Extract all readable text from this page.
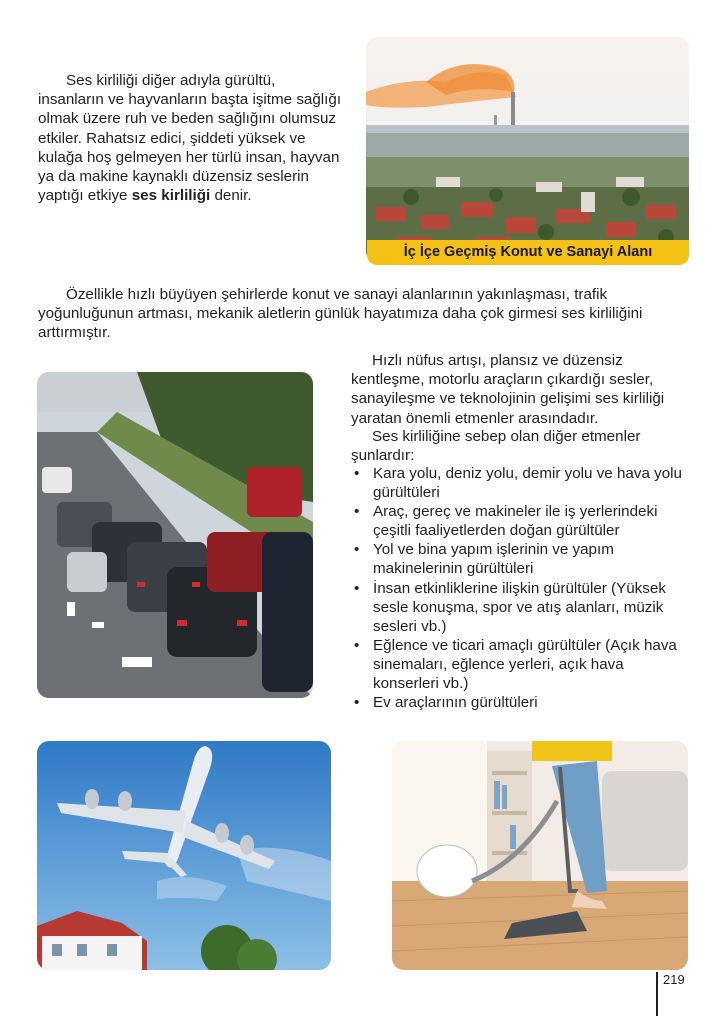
Ses kirliliği diğer adıyla gürültü, insanların ve hayvanların başta işitme sağlığı olmak üzere ruh ve beden sağlığını olumsuz etkiler. Rahatsız edici, şiddeti yüksek ve kulağa hoş gelmeyen her türlü insan, hayvan ya da makine kaynaklı düzensiz seslerin yaptığı etkiye ses kirliliği denir.

İç İçe Geçmiş Konut ve Sanayi Alanı

Özellikle hızlı büyüyen şehirlerde konut ve sanayi alanlarının yakınlaşması, trafik yoğunluğunun artması, mekanik aletlerin günlük hayatımıza daha çok girmesi ses kirliliğini arttırmıştır.

Hızlı nüfus artışı, plansız ve düzensiz kentleşme, motorlu araçların çıkardığı sesler, sanayileşme ve teknolojinin gelişimi ses kirliliği yaratan önemli etmenler arasındadır.

Ses kirliliğine sebep olan diğer etmenler şunlardır:

• Kara yolu, deniz yolu, demir yolu ve hava yolu gürültüleri
• Araç, gereç ve makineler ile iş yerlerindeki çeşitli faaliyetlerden doğan gürültüler
• Yol ve bina yapım işlerinin ve yapım makinelerinin gürültüleri
• İnsan etkinliklerine ilişkin gürültüler (Yüksek sesle konuşma, spor ve atış alanları, müzik sesleri vb.)
• Eğlence ve ticari amaçlı gürültüler (Açık hava sinemaları, eğlence yerleri, açık hava konserleri vb.)
• Ev araçlarının gürültüleri
219
